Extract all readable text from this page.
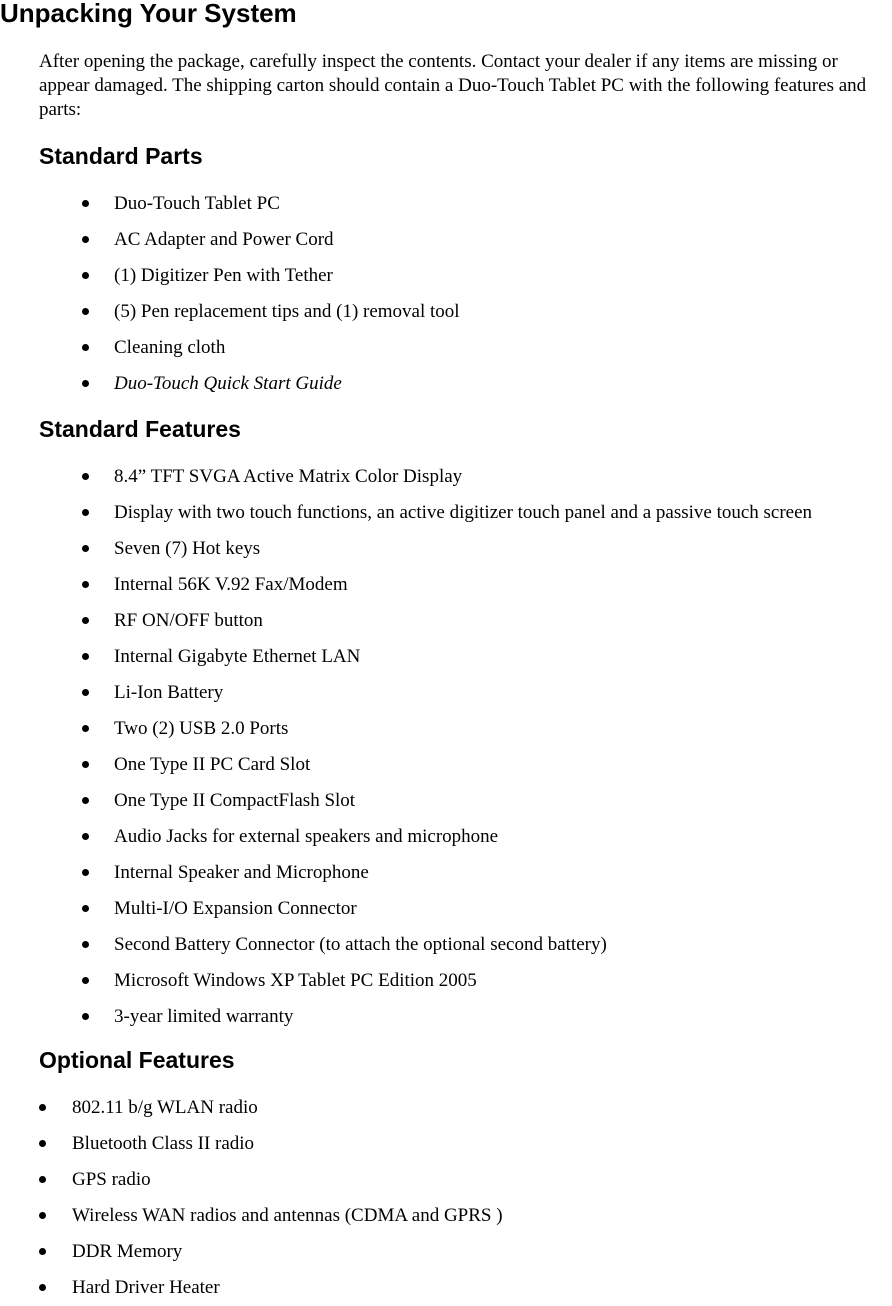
Unpacking Your System

After opening the package, carefully inspect the contents. Contact your dealer if any items are missing or appear damaged. The shipping carton should contain a Duo-Touch Tablet PC with the following features and parts:

Standard Parts
Duo-Touch Tablet PC
AC Adapter and Power Cord
(1) Digitizer Pen with Tether
(5) Pen replacement tips and (1) removal tool
Cleaning cloth
Duo-Touch Quick Start Guide
Standard Features
8.4” TFT SVGA Active Matrix Color Display
Display with two touch functions, an active digitizer touch panel and a passive touch screen
Seven (7) Hot keys
Internal 56K V.92 Fax/Modem
RF ON/OFF button
Internal Gigabyte Ethernet LAN
Li-Ion Battery
Two (2) USB 2.0 Ports
One Type II PC Card Slot
One Type II CompactFlash Slot
Audio Jacks for external speakers and microphone
Internal Speaker and Microphone
Multi-I/O Expansion Connector
Second Battery Connector (to attach the optional second battery)
Microsoft Windows XP Tablet PC Edition 2005
3-year limited warranty
Optional Features
802.11 b/g WLAN radio
Bluetooth Class II radio
GPS radio
Wireless WAN radios and antennas (CDMA and GPRS )
DDR Memory
Hard Driver Heater
